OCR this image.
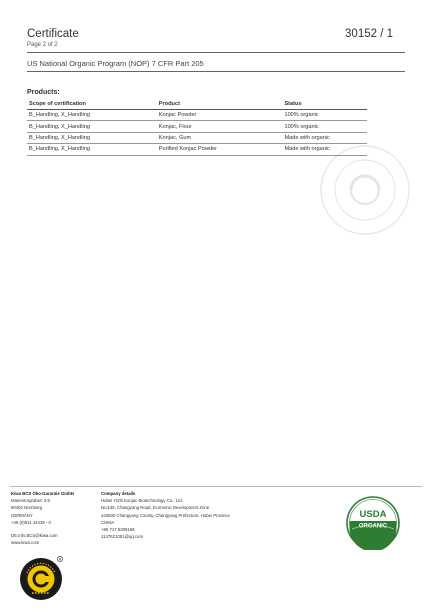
Certificate
Page 2 of 2
30152 / 1
US National Organic Program (NOP) 7 CFR Part 205
Products:
Scope of certification	Product	Status
B_Handling, X_Handling	Konjac Powder	100% organic
B_Handling, X_Handling	Konjac, Flour	100% organic
B_Handling, X_Handling	Konjac, Gum	Made with organic
B_Handling, X_Handling	Purified Konjac Powder	Made with organic
Kiwa BCS Öko-Garantie GmbH
Marientorgraben 3-5
90402 Nürnberg
GERMANY
+49 (0)911 42439 - 0
DE.Info.BCS@kiwa.com
www.kiwa.com
Company details
Hubei YiZhi Konjac Biotechnology Co., Ltd.
No.k35, Changyang Road, Economic Development Zone
443500 Changyang County, Changyang Prefecture, Hubei Province
CHINA
+86 717 5308168
1147621051@qq.com
R
USDA
ORGANIC
